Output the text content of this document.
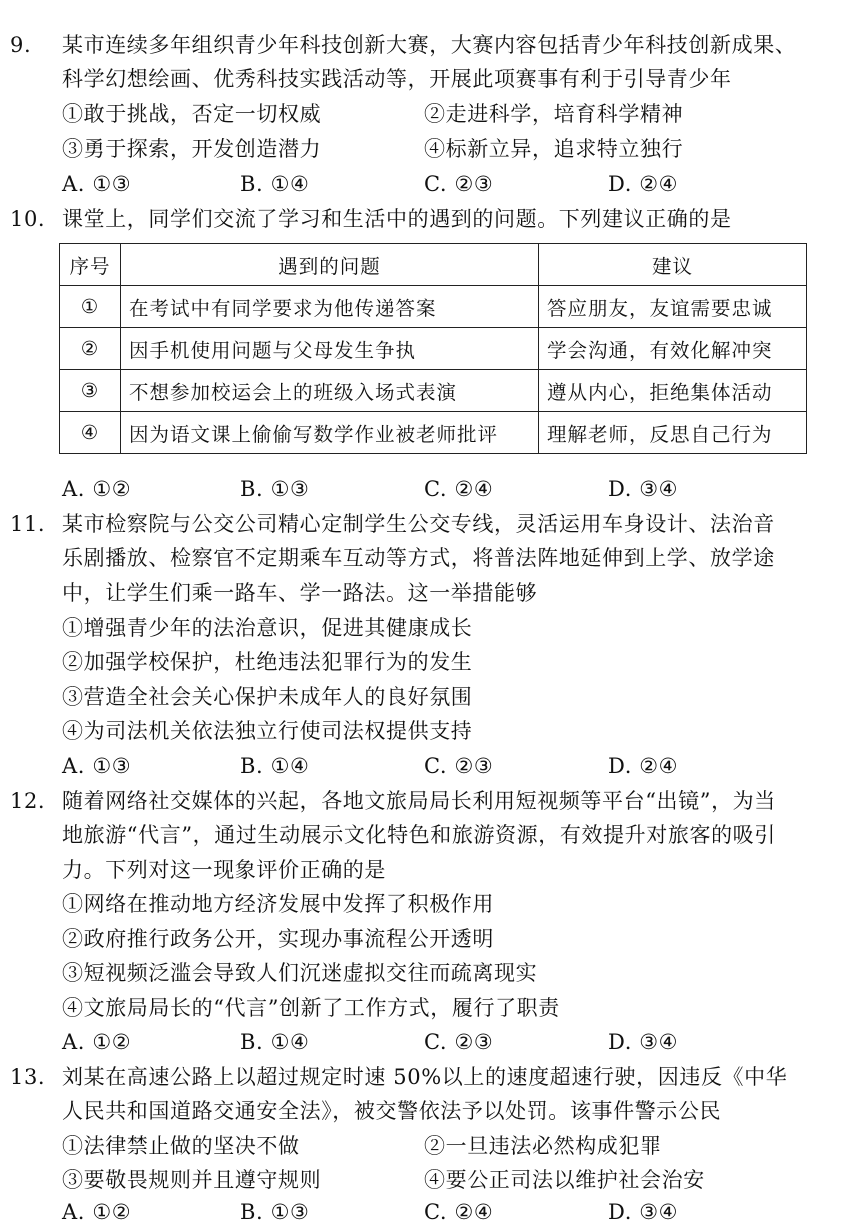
9. 某市连续多年组织青少年科技创新大赛，大赛内容包括青少年科技创新成果、
科学幻想绘画、优秀科技实践活动等，开展此项赛事有利于引导青少年
①敢于挑战，否定一切权威	②走进科学，培育科学精神
③勇于探索，开发创造潜力	④标新立异，追求特立独行
A. ①③	B. ①④	C. ②③	D. ②④
10. 课堂上，同学们交流了学习和生活中的遇到的问题。下列建议正确的是
序号	遇到的问题	建议
①	在考试中有同学要求为他传递答案	答应朋友，友谊需要忠诚
②	因手机使用问题与父母发生争执	学会沟通，有效化解冲突
③	不想参加校运会上的班级入场式表演	遵从内心，拒绝集体活动
④	因为语文课上偷偷写数学作业被老师批评	理解老师，反思自己行为
A. ①②	B. ①③	C. ②④	D. ③④
11. 某市检察院与公交公司精心定制学生公交专线，灵活运用车身设计、法治音
乐剧播放、检察官不定期乘车互动等方式，将普法阵地延伸到上学、放学途
中，让学生们乘一路车、学一路法。这一举措能够
①增强青少年的法治意识，促进其健康成长
②加强学校保护，杜绝违法犯罪行为的发生
③营造全社会关心保护未成年人的良好氛围
④为司法机关依法独立行使司法权提供支持
A. ①③	B. ①④	C. ②③	D. ②④
12. 随着网络社交媒体的兴起，各地文旅局局长利用短视频等平台“出镜”，为当
地旅游“代言”，通过生动展示文化特色和旅游资源，有效提升对旅客的吸引
力。下列对这一现象评价正确的是
①网络在推动地方经济发展中发挥了积极作用
②政府推行政务公开，实现办事流程公开透明
③短视频泛滥会导致人们沉迷虚拟交往而疏离现实
④文旅局局长的“代言”创新了工作方式，履行了职责
A. ①②	B. ①④	C. ②③	D. ③④
13. 刘某在高速公路上以超过规定时速 50%以上的速度超速行驶，因违反《中华
人民共和国道路交通安全法》，被交警依法予以处罚。该事件警示公民
①法律禁止做的坚决不做	②一旦违法必然构成犯罪
③要敬畏规则并且遵守规则	④要公正司法以维护社会治安
A. ①②	B. ①③	C. ②④	D. ③④
